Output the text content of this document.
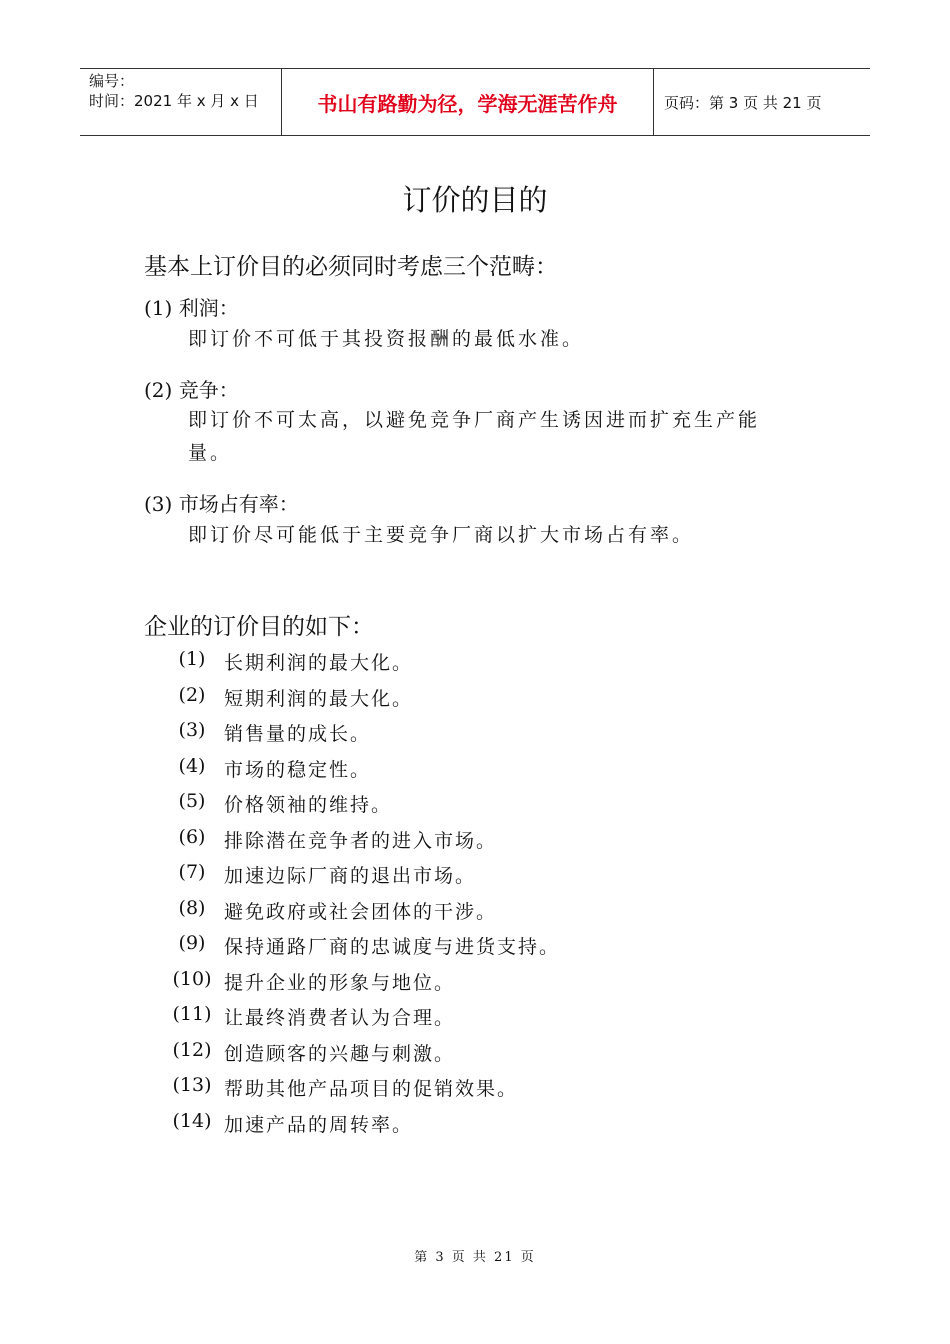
编号：
时间：2021 年 x 月 x 日	书山有路勤为径，学海无涯苦作舟	页码：第 3 页 共 21 页
订价的目的
基本上订价目的必须同时考虑三个范畴：
(1) 利润：
即订价不可低于其投资报酬的最低水准。
(2) 竞争：
即订价不可太高，以避免竞争厂商产生诱因进而扩充生产能量。
(3) 市场占有率：
即订价尽可能低于主要竞争厂商以扩大市场占有率。
企业的订价目的如下：
(1) 长期利润的最大化。
(2) 短期利润的最大化。
(3) 销售量的成长。
(4) 市场的稳定性。
(5) 价格领袖的维持。
(6) 排除潜在竞争者的进入市场。
(7) 加速边际厂商的退出市场。
(8) 避免政府或社会团体的干涉。
(9) 保持通路厂商的忠诚度与进货支持。
(10) 提升企业的形象与地位。
(11) 让最终消费者认为合理。
(12) 创造顾客的兴趣与刺激。
(13) 帮助其他产品项目的促销效果。
(14) 加速产品的周转率。
第 3 页 共 21 页
